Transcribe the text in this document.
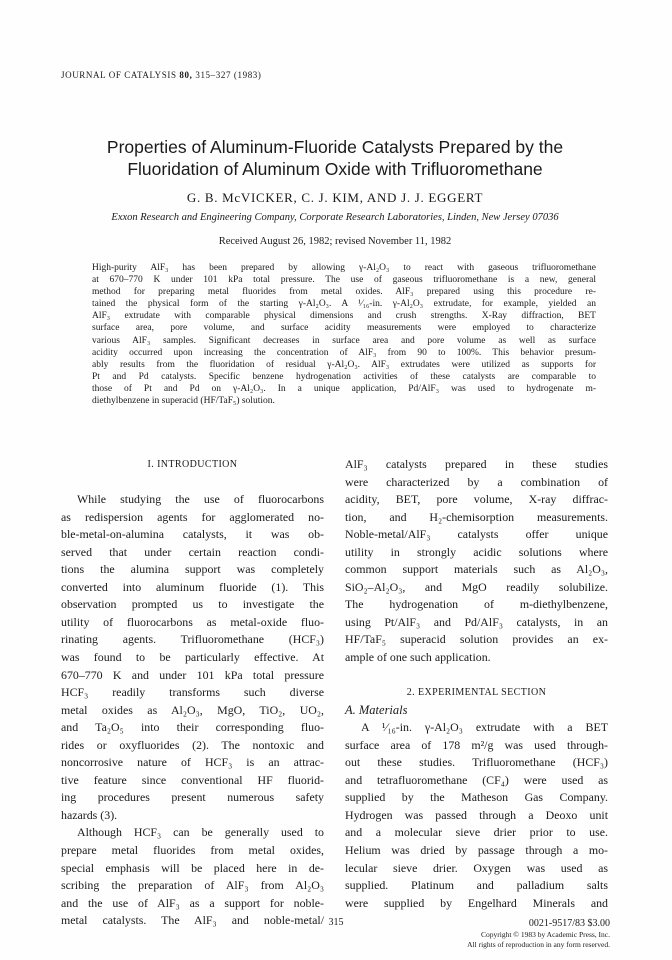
JOURNAL OF CATALYSIS 80, 315–327 (1983)
Properties of Aluminum-Fluoride Catalysts Prepared by the
Fluoridation of Aluminum Oxide with Trifluoromethane
G. B. McVICKER, C. J. KIM, AND J. J. EGGERT
Exxon Research and Engineering Company, Corporate Research Laboratories, Linden, New Jersey 07036
Received August 26, 1982; revised November 11, 1982
High-purity AlF₃ has been prepared by allowing γ-Al₂O₃ to react with gaseous trifluoromethane
at 670–770 K under 101 kPa total pressure. The use of gaseous trifluoromethane is a new, general
method for preparing metal fluorides from metal oxides. AlF₃ prepared using this procedure re-
tained the physical form of the starting γ-Al₂O₃. A ¹⁄₁₆-in. γ-Al₂O₃ extrudate, for example, yielded an
AlF₃ extrudate with comparable physical dimensions and crush strengths. X-Ray diffraction, BET
surface area, pore volume, and surface acidity measurements were employed to characterize
various AlF₃ samples. Significant decreases in surface area and pore volume as well as surface
acidity occurred upon increasing the concentration of AlF₃ from 90 to 100%. This behavior presum-
ably results from the fluoridation of residual γ-Al₂O₃. AlF₃ extrudates were utilized as supports for
Pt and Pd catalysts. Specific benzene hydrogenation activities of these catalysts are comparable to
those of Pt and Pd on γ-Al₂O₃. In a unique application, Pd/AlF₃ was used to hydrogenate m-
diethylbenzene in superacid (HF/TaF₅) solution.
I. INTRODUCTION
While studying the use of fluorocarbons
as redispersion agents for agglomerated no-
ble-metal-on-alumina catalysts, it was ob-
served that under certain reaction condi-
tions the alumina support was completely
converted into aluminum fluoride (1). This
observation prompted us to investigate the
utility of fluorocarbons as metal-oxide fluo-
rinating agents. Trifluoromethane (HCF₃)
was found to be particularly effective. At
670–770 K and under 101 kPa total pressure
HCF₃ readily transforms such diverse
metal oxides as Al₂O₃, MgO, TiO₂, UO₂,
and Ta₂O₅ into their corresponding fluo-
rides or oxyfluorides (2). The nontoxic and
noncorrosive nature of HCF₃ is an attrac-
tive feature since conventional HF fluorid-
ing procedures present numerous safety
hazards (3).
Although HCF₃ can be generally used to
prepare metal fluorides from metal oxides,
special emphasis will be placed here in de-
scribing the preparation of AlF₃ from Al₂O₃
and the use of AlF₃ as a support for noble-
metal catalysts. The AlF₃ and noble-metal/
AlF₃ catalysts prepared in these studies
were characterized by a combination of
acidity, BET, pore volume, X-ray diffrac-
tion, and H₂-chemisorption measurements.
Noble-metal/AlF₃ catalysts offer unique
utility in strongly acidic solutions where
common support materials such as Al₂O₃,
SiO₂–Al₂O₃, and MgO readily solubilize.
The hydrogenation of m-diethylbenzene,
using Pt/AlF₃ and Pd/AlF₃ catalysts, in an
HF/TaF₅ superacid solution provides an ex-
ample of one such application.
2. EXPERIMENTAL SECTION
A. Materials
A ¹⁄₁₆-in. γ-Al₂O₃ extrudate with a BET
surface area of 178 m²/g was used through-
out these studies. Trifluoromethane (HCF₃)
and tetrafluoromethane (CF₄) were used as
supplied by the Matheson Gas Company.
Hydrogen was passed through a Deoxo unit
and a molecular sieve drier prior to use.
Helium was dried by passage through a mo-
lecular sieve drier. Oxygen was used as
supplied. Platinum and palladium salts
were supplied by Engelhard Minerals and
315	0021-9517/83 $3.00
Copyright © 1983 by Academic Press, Inc.
All rights of reproduction in any form reserved.
